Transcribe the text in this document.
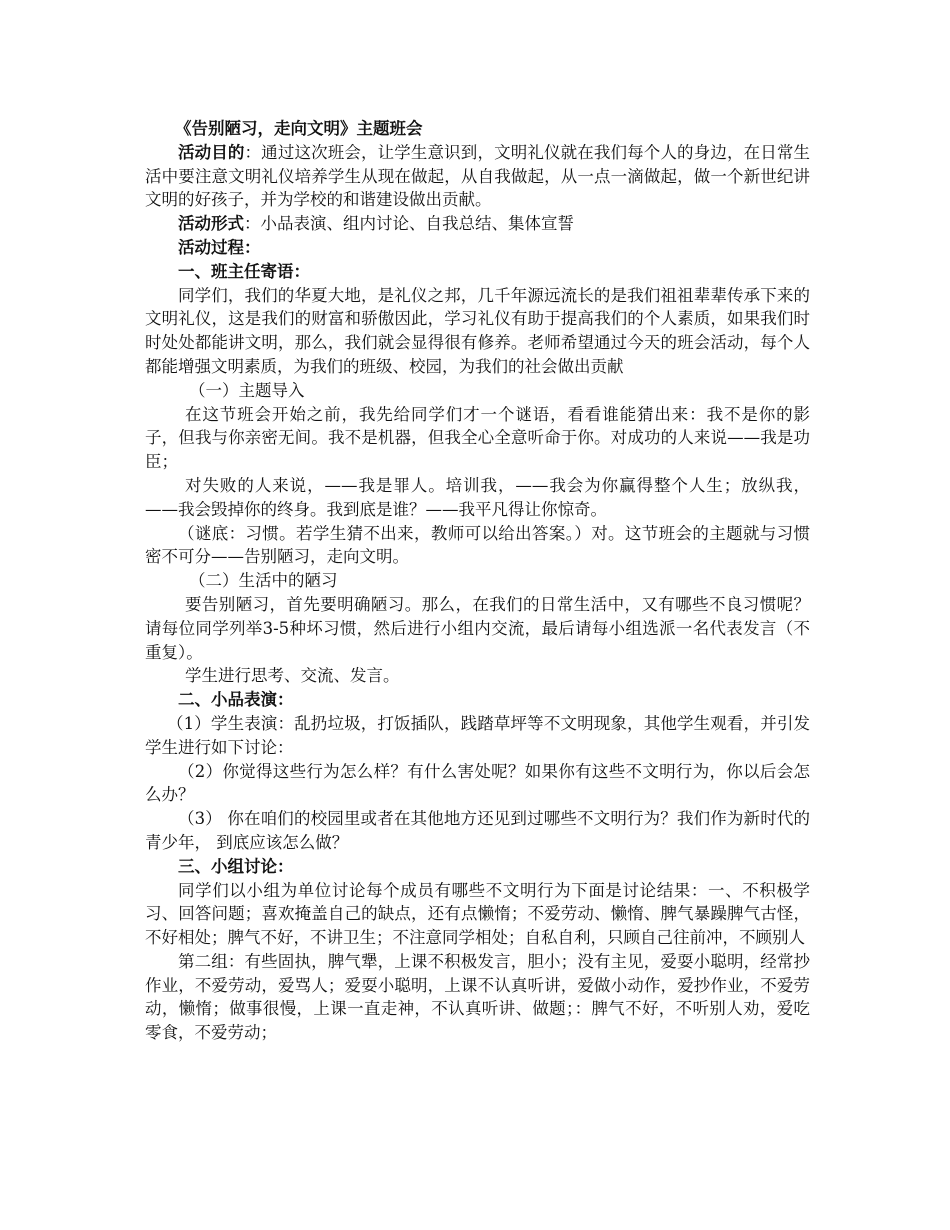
《告别陋习，走向文明》主题班会

活动目的：通过这次班会，让学生意识到，文明礼仪就在我们每个人的身边，在日常生活中要注意文明礼仪培养学生从现在做起，从自我做起，从一点一滴做起，做一个新世纪讲文明的好孩子，并为学校的和谐建设做出贡献。

活动形式：小品表演、组内讨论、自我总结、集体宣誓

活动过程：

一、班主任寄语：

同学们，我们的华夏大地，是礼仪之邦，几千年源远流长的是我们祖祖辈辈传承下来的文明礼仪，这是我们的财富和骄傲因此，学习礼仪有助于提高我们的个人素质，如果我们时时处处都能讲文明，那么，我们就会显得很有修养。老师希望通过今天的班会活动，每个人都能增强文明素质，为我们的班级、校园，为我们的社会做出贡献

（一）主题导入

在这节班会开始之前，我先给同学们才一个谜语，看看谁能猜出来：我不是你的影子，但我与你亲密无间。我不是机器，但我全心全意听命于你。对成功的人来说——我是功臣；

对失败的人来说，——我是罪人。培训我，——我会为你赢得整个人生；放纵我，——我会毁掉你的终身。我到底是谁？——我平凡得让你惊奇。

（谜底：习惯。若学生猜不出来，教师可以给出答案。）对。这节班会的主题就与习惯密不可分——告别陋习，走向文明。

（二）生活中的陋习

要告别陋习，首先要明确陋习。那么，在我们的日常生活中，又有哪些不良习惯呢？请每位同学列举3-5种坏习惯，然后进行小组内交流，最后请每小组选派一名代表发言（不重复）。

学生进行思考、交流、发言。

二、小品表演：

（1）学生表演：乱扔垃圾，打饭插队，践踏草坪等不文明现象，其他学生观看，并引发学生进行如下讨论：

（2）你觉得这些行为怎么样？有什么害处呢？如果你有这些不文明行为，你以后会怎么办？

（3） 你在咱们的校园里或者在其他地方还见到过哪些不文明行为？我们作为新时代的青少年， 到底应该怎么做？

三、小组讨论：

同学们以小组为单位讨论每个成员有哪些不文明行为下面是讨论结果：一、不积极学习、回答问题；喜欢掩盖自己的缺点，还有点懒惰；不爱劳动、懒惰、脾气暴躁脾气古怪，不好相处；脾气不好，不讲卫生；不注意同学相处；自私自利，只顾自己往前冲，不顾别人

第二组：有些固执，脾气犟，上课不积极发言，胆小；没有主见，爱耍小聪明，经常抄作业，不爱劳动，爱骂人；爱耍小聪明，上课不认真听讲，爱做小动作，爱抄作业，不爱劳动，懒惰；做事很慢，上课一直走神，不认真听讲、做题；：脾气不好，不听别人劝，爱吃零食，不爱劳动；
